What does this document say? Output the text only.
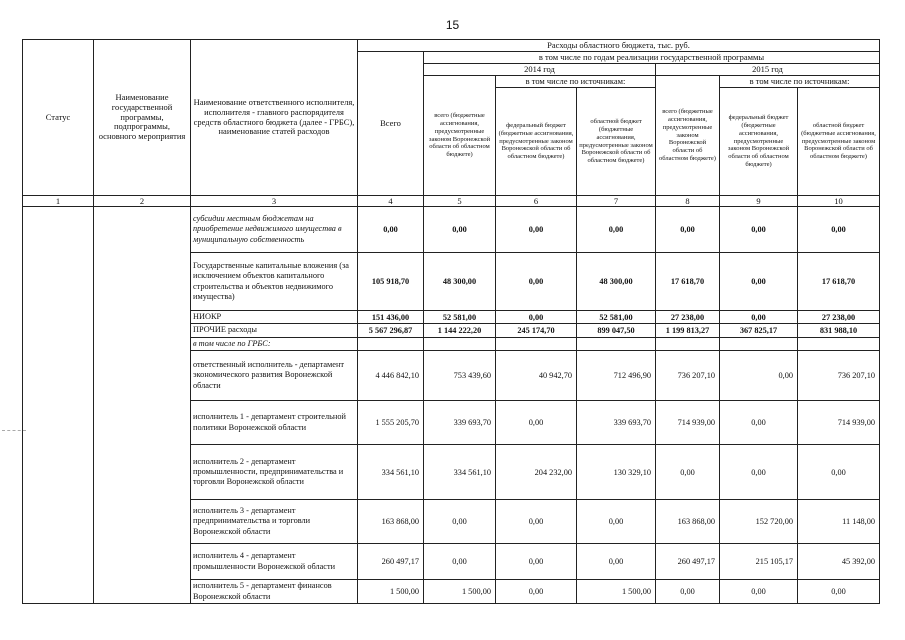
15
Статус	Наименование государственной программы, подпрограммы, основного мероприятия	Наименование ответственного исполнителя, исполнителя - главного распорядителя средств областного бюджета (далее - ГРБС), наименование статей расходов	Расходы областного бюджета, тыс. руб.						
			Всего	в том числе по годам реализации государственной программы					
				2014 год			2015 год		
				всего (бюджетные ассигнования, предусмотренные законом Воронежской области об областном бюджете)	в том числе по источникам:		всего (бюджетные ассигнования, предусмотренные законом Воронежской области об областном бюджете)	в том числе по источникам:	
					федеральный бюджет (бюджетные ассигнования, предусмотренные законом Воронежской области об областном бюджете)	областной бюджет (бюджетные ассигнования, предусмотренные законом Воронежской области об областном бюджете)		федеральный бюджет (бюджетные ассигнования, предусмотренные законом Воронежской области об областном бюджете)	областной бюджет (бюджетные ассигнования, предусмотренные законом Воронежской области об областном бюджете)
1	2	3	4	5	6	7	8	9	10
		субсидии местным бюджетам на приобретение недвижимого имущества в муниципальную собственность	0,00	0,00	0,00	0,00	0,00	0,00	0,00
		Государственные капитальные вложения (за исключением объектов капитального строительства и объектов недвижимого имущества)	105 918,70	48 300,00	0,00	48 300,00	17 618,70	0,00	17 618,70
		НИОКР	151 436,00	52 581,00	0,00	52 581,00	27 238,00	0,00	27 238,00
		ПРОЧИЕ расходы	5 567 296,87	1 144 222,20	245 174,70	899 047,50	1 199 813,27	367 825,17	831 988,10
		в том числе по ГРБС:							
		ответственный исполнитель - департамент экономического развития Воронежской области	4 446 842,10	753 439,60	40 942,70	712 496,90	736 207,10	0,00	736 207,10
		исполнитель 1 - департамент строительной политики Воронежской области	1 555 205,70	339 693,70	0,00	339 693,70	714 939,00	0,00	714 939,00
		исполнитель 2 - департамент промышленности, предпринимательства и торговли Воронежской области	334 561,10	334 561,10	204 232,00	130 329,10	0,00	0,00	0,00
		исполнитель 3 - департамент предпринимательства и торговли Воронежской области	163 868,00	0,00	0,00	0,00	163 868,00	152 720,00	11 148,00
		исполнитель 4 - департамент промышленности Воронежской области	260 497,17	0,00	0,00	0,00	260 497,17	215 105,17	45 392,00
		исполнитель 5 - департамент финансов Воронежской области	1 500,00	1 500,00	0,00	1 500,00	0,00	0,00	0,00
